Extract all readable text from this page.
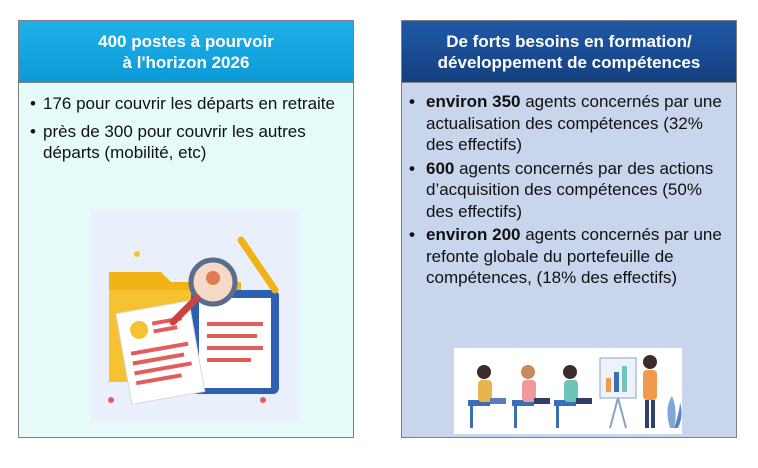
400 postes à pourvoir
à l'horizon 2026
• 176 pour couvrir les départs en retraite
• près de 300 pour couvrir les autres départs (mobilité, etc)
De forts besoins en formation/
développement de compétences
• environ 350 agents concernés par une actualisation des compétences (32% des effectifs)
• 600 agents concernés par des actions d’acquisition des compétences (50% des effectifs)
• environ 200 agents concernés par une refonte globale du portefeuille de compétences, (18% des effectifs)
